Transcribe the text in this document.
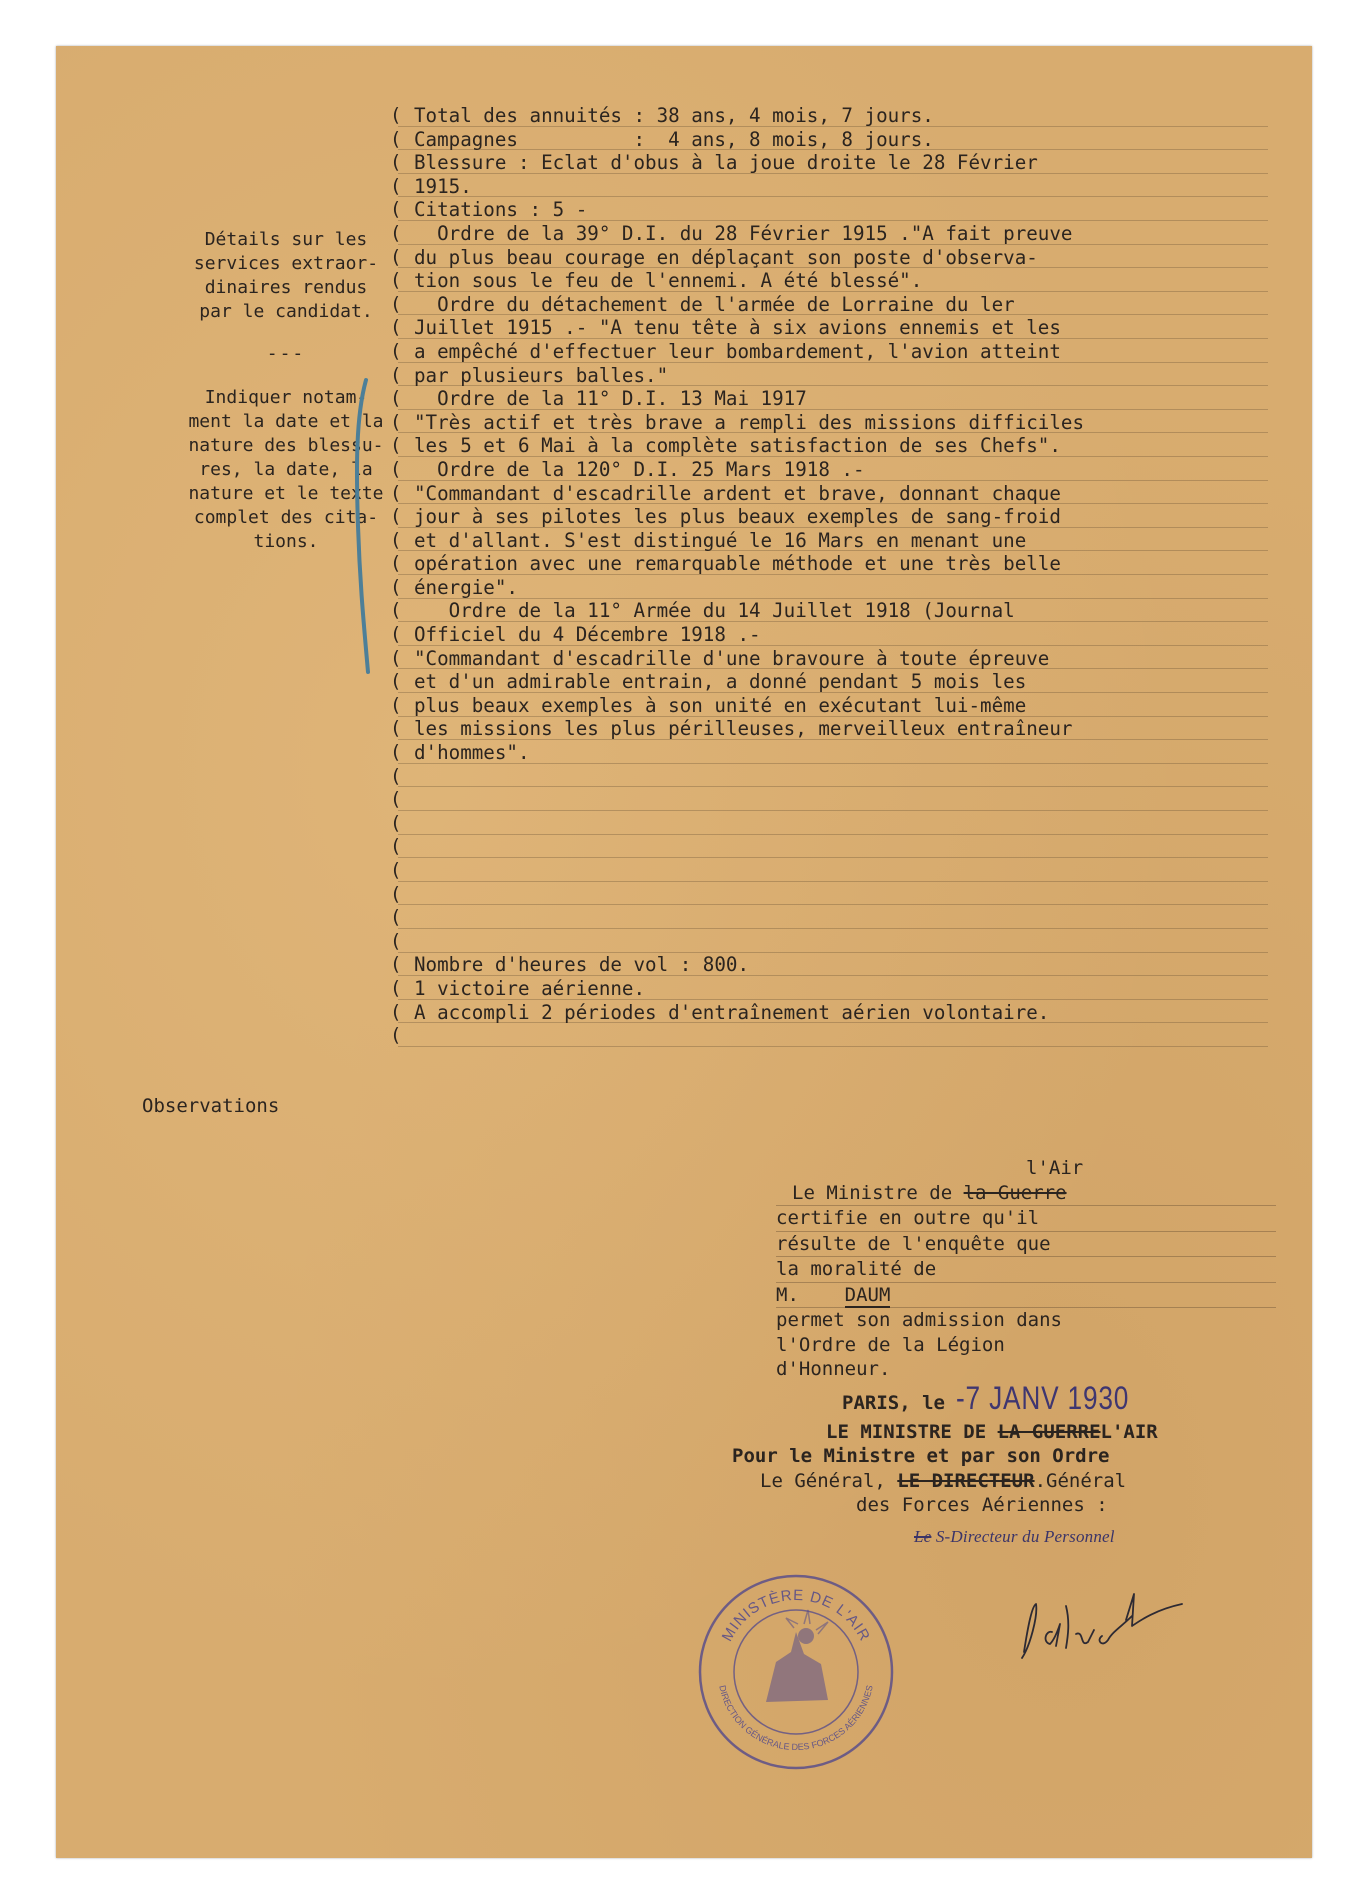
Détails sur les
services extraor-
dinaires rendus
par le candidat.
---
Indiquer notam-
ment la date et la
nature des blessu-
res, la date, la
nature et le texte
complet des cita-
tions.
(
(
(
(
(
(
(
(
(
(
(
(
(
(
(
(
(
(
(
(
(
(
(
(
(
(
(
(
(
(
(
(
(
(
(
(
(
(
(
(
Total des annuités : 38 ans, 4 mois, 7 jours.
Campagnes          :  4 ans, 8 mois, 8 jours.
Blessure : Eclat d'obus à la joue droite le 28 Février
1915.
Citations : 5 -
Ordre de la 39° D.I. du 28 Février 1915 ."A fait preuve
du plus beau courage en déplaçant son poste d'observa-
tion sous le feu de l'ennemi. A été blessé".
Ordre du détachement de l'armée de Lorraine du ler
Juillet 1915 .- "A tenu tête à six avions ennemis et les
a empêché d'effectuer leur bombardement, l'avion atteint
par plusieurs balles."
Ordre de la 11° D.I. 13 Mai 1917
"Très actif et très brave a rempli des missions difficiles
les 5 et 6 Mai à la complète satisfaction de ses Chefs".
Ordre de la 120° D.I. 25 Mars 1918 .-
"Commandant d'escadrille ardent et brave, donnant chaque
jour à ses pilotes les plus beaux exemples de sang-froid
et d'allant. S'est distingué le 16 Mars en menant une
opération avec une remarquable méthode et une très belle
énergie".
Ordre de la 11° Armée du 14 Juillet 1918 (Journal
Officiel du 4 Décembre 1918 .-
"Commandant d'escadrille d'une bravoure à toute épreuve
et d'un admirable entrain, a donné pendant 5 mois les
plus beaux exemples à son unité en exécutant lui-même
les missions les plus périlleuses, merveilleux entraîneur
d'hommes".
Nombre d'heures de vol : 800.
1 victoire aérienne.
A accompli 2 périodes d'entraînement aérien volontaire.
Observations
l'Air
Le Ministre de la Guerre
certifie en outre qu'il
résulte de l'enquête que
la moralité de
M.    DAUM
permet son admission dans
l'Ordre de la Légion
d'Honneur.
PARIS, le -7 JANV 1930
LE MINISTRE DE LA GUERREL'AIR
Pour le Ministre et par son Ordre
Le Général, LE DIRECTEUR.Général
des Forces Aériennes :
Le S-Directeur du Personnel
MINISTÈRE DE L'AIR
DIRECTION GÉNÉRALE DES FORCES AÉRIENNES
